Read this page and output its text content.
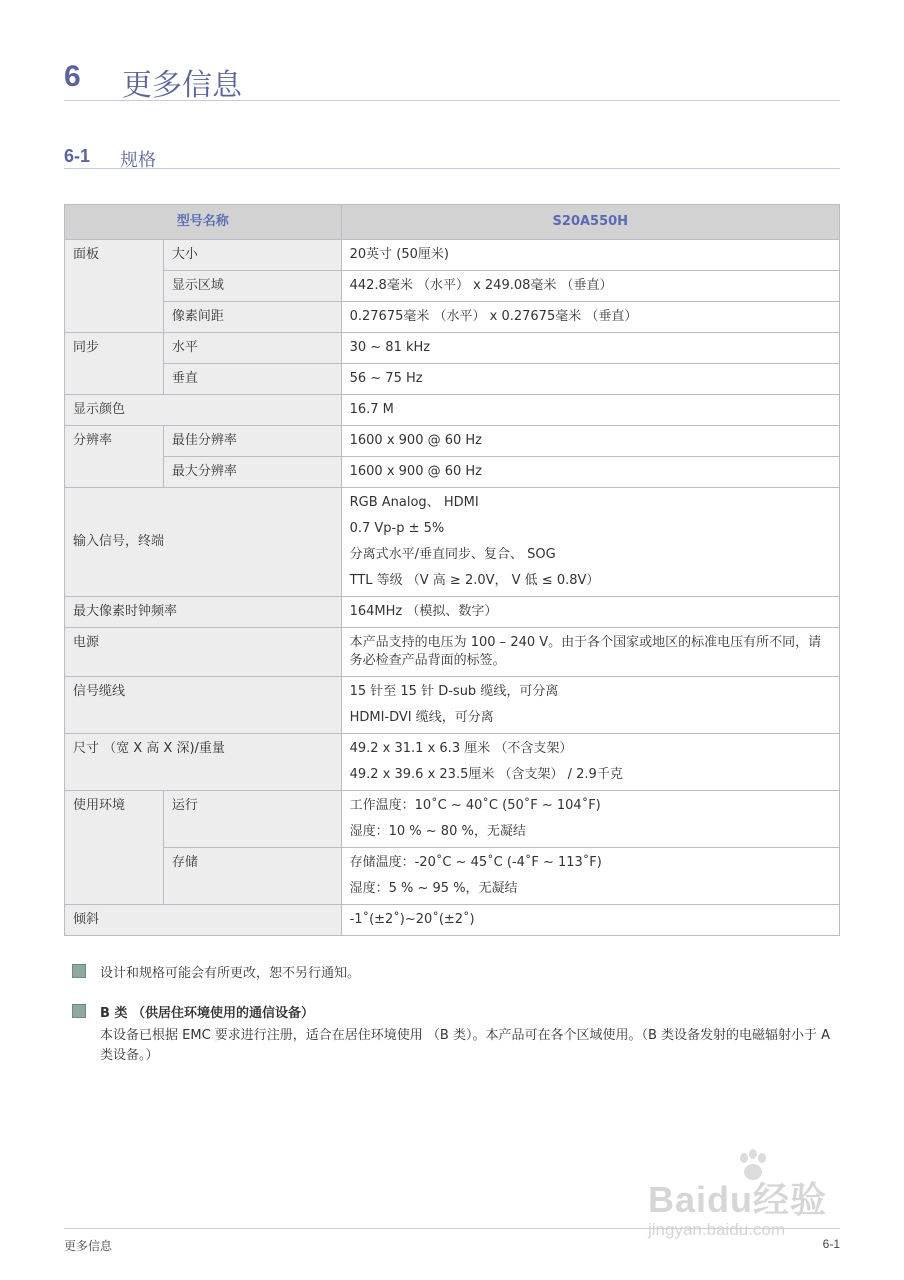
6 更多信息
6-1 规格
型号名称		S20A550H
面板	大小	20英寸 (50厘米)
	显示区域	442.8毫米 （水平） x 249.08毫米 （垂直）
	像素间距	0.27675毫米 （水平） x 0.27675毫米 （垂直）
同步	水平	30 ~ 81 kHz
	垂直	56 ~ 75 Hz
显示颜色		16.7 M
分辨率	最佳分辨率	1600 x 900 @ 60 Hz
	最大分辨率	1600 x 900 @ 60 Hz
输入信号，终端		RGB Analog、 HDMI
0.7 Vp-p ± 5%
分离式水平/垂直同步、复合、 SOG
TTL 等级 （V 高 ≥ 2.0V， V 低 ≤ 0.8V）

最大像素时钟频率		164MHz （模拟、数字）
电源		本产品支持的电压为 100 – 240 V。由于各个国家或地区的标准电压有所不同，请务必检查产品背面的标签。
信号缆线		15 针至 15 针 D-sub 缆线，可分离
HDMI-DVI 缆线，可分离

尺寸 （宽 X 高 X 深)/重量		49.2 x 31.1 x 6.3 厘米 （不含支架）
49.2 x 39.6 x 23.5厘米 （含支架） / 2.9千克

使用环境	运行	工作温度：10˚C ~ 40˚C (50˚F ~ 104˚F)
湿度：10 % ~ 80 %，无凝结

	存储	存储温度：-20˚C ~ 45˚C (-4˚F ~ 113˚F)
湿度：5 % ~ 95 %，无凝结

倾斜		-1˚(±2˚)~20˚(±2˚)
设计和规格可能会有所更改，恕不另行通知。
B 类 （供居住环境使用的通信设备）
本设备已根据 EMC 要求进行注册，适合在居住环境使用 （B 类）。本产品可在各个区域使用。（B 类设备发射的电磁辐射小于 A 类设备。）
Baidu经验
jingyan.baidu.com
更多信息	6-1
